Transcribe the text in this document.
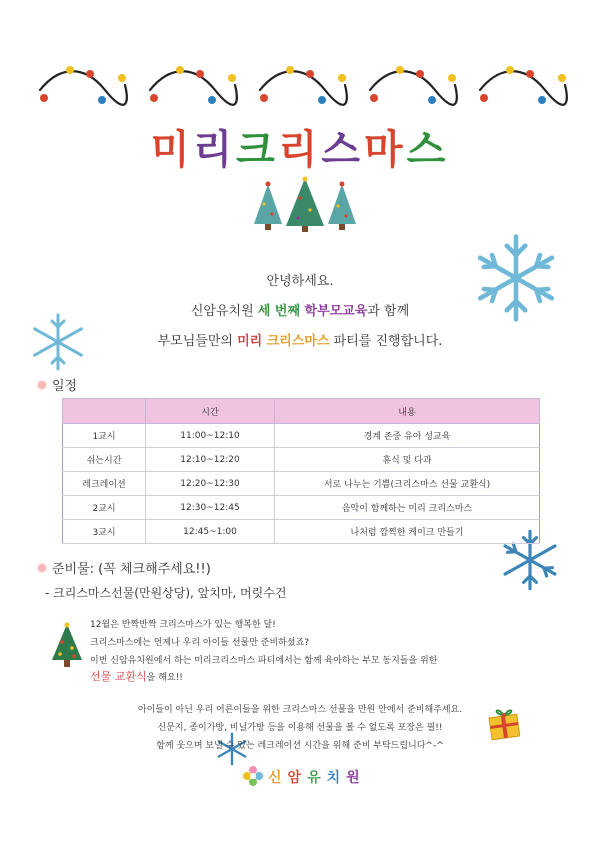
미리크리스마스
안녕하세요.
신암유치원 세 번째 학부모교육과 함께
부모님들만의 미리 크리스마스 파티를 진행합니다.
일정
	시간	내용
1교시	11:00~12:10	경계 존중 유아 성교육
쉬는시간	12:10~12:20	휴식 및 다과
레크레이션	12:20~12:30	서로 나누는 기쁨(크리스마스 선물 교환식)
2교시	12:30~12:45	음악이 함께하는 미리 크리스마스
3교시	12:45~1:00	나처럼 깜찍한 케이크 만들기
준비물: (꼭 체크해주세요!!)
- 크리스마스선물(만원상당), 앞치마, 머릿수건
12월은 반짝반짝 크리스마스가 있는 행복한 달!
크리스마스에는 언제나 우리 아이들 선물만 준비하셨죠?
이번 신암유치원에서 하는 미리크리스마스 파티에서는 함께 육아하는 부모 동지들을 위한
선물 교환식을 해요!!
아이들이 아닌 우리 어른이들을 위한 크리스마스 선물을 만원 안에서 준비해주세요.
신문지, 종이가방, 비닐가방 등을 이용해 선물을 볼 수 없도록 포장은 필!!
함께 웃으며 보낼 수 있는 레크레이션 시간을 위해 준비 부탁드립니다^-^
신암유치원
